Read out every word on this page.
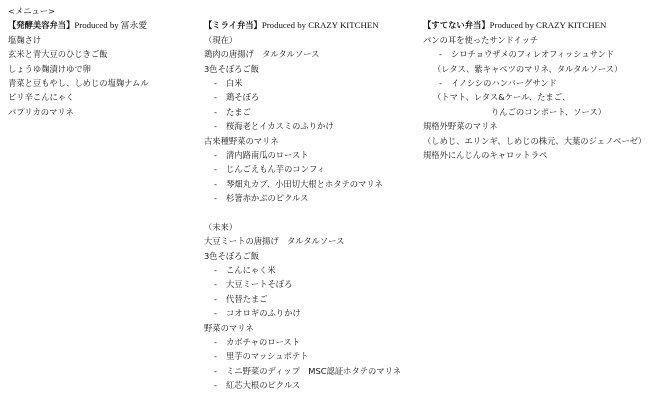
<メニュー>
【発酵美容弁当】Produced by 冨永愛
塩麹さけ
玄米と青大豆のひじきご飯
しょうゆ麹漬けゆで卵
青菜と豆もやし、しめじの塩麹ナムル
ピリ辛こんにゃく
パプリカのマリネ
【ミライ弁当】Produced by CRAZY KITCHEN
（現在）
鶏肉の唐揚げ　タルタルソース
3色そぼろご飯
- 白米
- 鶏そぼろ
- たまご
- 桜海老とイカスミのふりかけ
古来種野菜のマリネ
- 清内路南瓜のロースト
- じんごえもん芋のコンフィ
- 琴畑丸カブ、小田切大根とホタテのマリネ
- 杉箸赤かぶのピクルス
（未来）
大豆ミートの唐揚げ　タルタルソース
3色そぼろご飯
- こんにゃく米
- 大豆ミートそぼろ
- 代替たまご
- コオロギのふりかけ
野菜のマリネ
- カボチャのロースト
- 里芋のマッシュポテト
- ミニ野菜のディップ　MSC認証ホタテのマリネ
- 紅芯大根のピクルス
【すてない弁当】Produced by CRAZY KITCHEN
パンの耳を使ったサンドイッチ
- シロチョウザメのフィレオフィッシュサンド
（レタス、紫キャベツのマリネ、タルタルソース）
- イノシシのハンバーグサンド
（トマト、レタス&ケール、たまご、
りんごのコンポート、ソース）
規格外野菜のマリネ
（しめじ、エリンギ、しめじの株元、大葉のジェノベーゼ）
規格外にんじんのキャロットラペ
